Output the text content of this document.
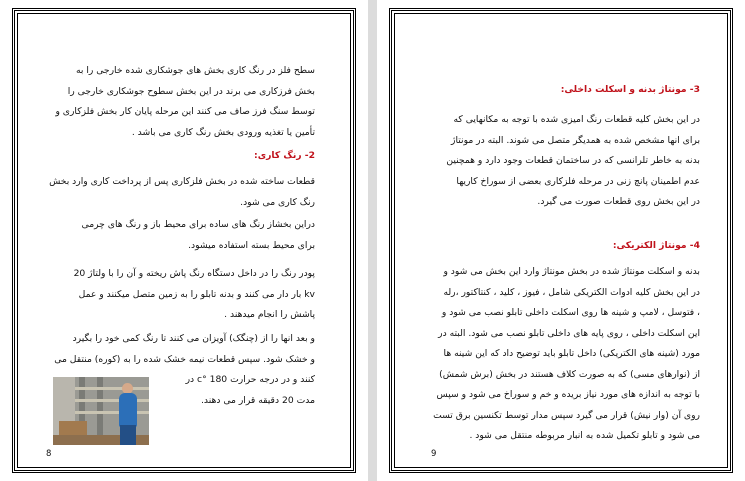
سطح فلز در رنگ کاری بخش های جوشکاری شده خارجی را به
بخش فرزکاری می برند در این بخش سطوح جوشکاری خارجی را
توسط سنگ فرز صاف می کنند این مرحله پایان کار بخش فلزکاری و
تأمین یا تغذیه ورودی بخش رنگ کاری می باشد .
2- رنگ کاری:
قطعات ساخته شده در بخش فلزکاری پس از پرداخت کاری وارد بخش
رنگ کاری می شود.
دراین بخشاز رنگ های ساده برای محیط باز و رنگ های چرمی
برای محیط بسته استفاده میشود.
پودر رنگ را در داخل دستگاه رنگ پاش ریخته و آن را با ولتاژ 20
kv بار دار می کنند و بدنه تابلو را به زمین متصل میکنند و عمل
پاشش را انجام میدهند .
و بعد انها را از (چنگک) آویزان می کنند تا رنگ کمی خود را بگیرد
و خشک شود. سپس قطعات نیمه خشک شده را به (کوره) منتقل می
کنند و در درجه حرارت 180 °c در
مدت 20 دقیقه قرار می دهند.
8
3- مونتاژ بدنه و اسکلت داخلی:
در این بخش کلیه قطعات رنگ امیزی شده با توجه به مکانهایی که
برای انها مشخص شده به همدیگر متصل می شوند. البته در مونتاژ
بدنه به خاطر تلرانسی که در ساختمان قطعات وجود دارد و همچنین
عدم اطمینان پانچ زنی در مرحله فلزکاری بعضی از سوراخ کاریها
در این بخش روی قطعات صورت می گیرد.
4- مونتاژ الکتریکی:
بدنه و اسکلت مونتاژ شده در بخش مونتاژ وارد این بخش می شود و
در این بخش کلیه ادوات الکتریکی شامل ، فیوز ، کلید ، کنتاکتور ،رله
، فتوسل ، لامپ و شینه ها روی اسکلت داخلی تابلو نصب می شود و
این اسکلت داخلی ، روی پایه های داخلی تابلو نصب می شود. البته در
مورد (شینه های الکتریکی) داخل تابلو باید توضیح داد که این شینه ها
از (نوارهای مسی) که به صورت کلاف هستند در بخش (برش شمش)
با توجه به اندازه های مورد نیاز بریده و خم و سوراخ می شود و سپس
روی آن (وار نیش) قرار می گیرد سپس مدار توسط تکنسین برق تست
می شود و تابلو تکمیل شده به انبار مربوطه منتقل می شود .
9
